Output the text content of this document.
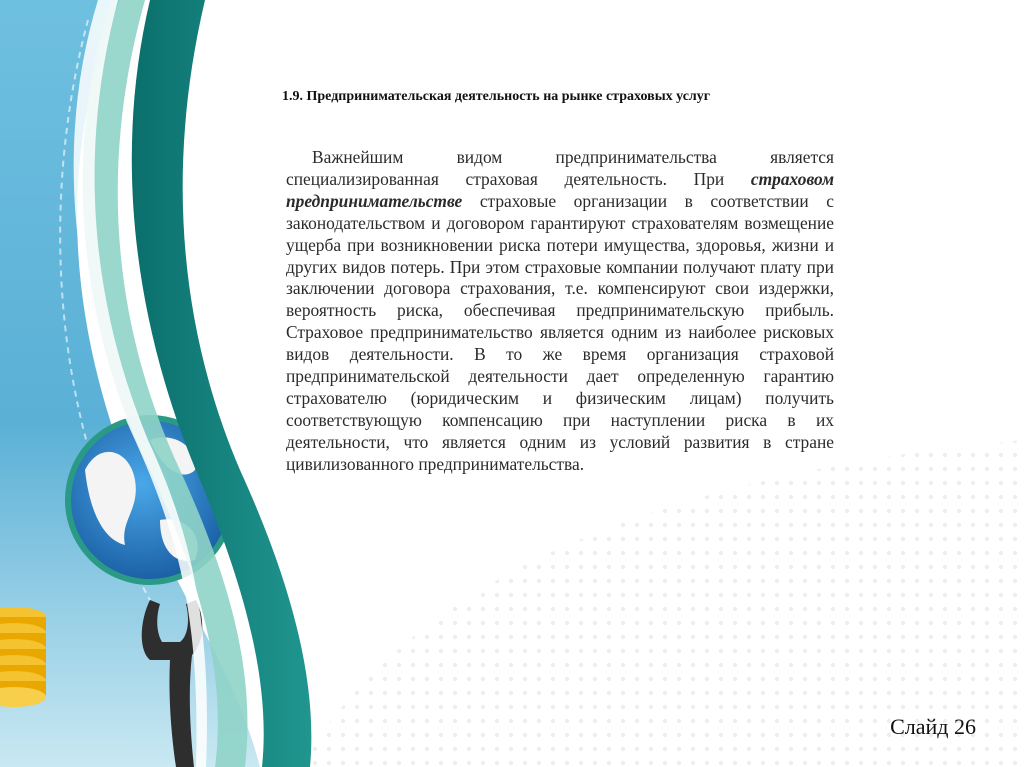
1.9. Предпринимательская деятельность на рынке страховых услуг
Важнейшим видом предпринимательства является специализированная страховая деятельность. При страховом предпринимательстве страховые организации в соответствии с законодательством и договором гарантируют страхователям возмещение ущерба при возникновении риска потери имущества, здоровья, жизни и других видов потерь. При этом страховые компании получают плату при заключении договора страхования, т.е. компенсируют свои издержки, вероятность риска, обеспечивая предпринимательскую прибыль. Страховое предпринимательство является одним из наиболее рисковых видов деятельности. В то же время организация страховой предпринимательской деятельности дает определенную гарантию страхователю (юридическим и физическим лицам) получить соответствующую компенсацию при наступлении риска в их деятельности, что является одним из условий развития в стране цивилизованного предпринимательства.
Слайд 26
